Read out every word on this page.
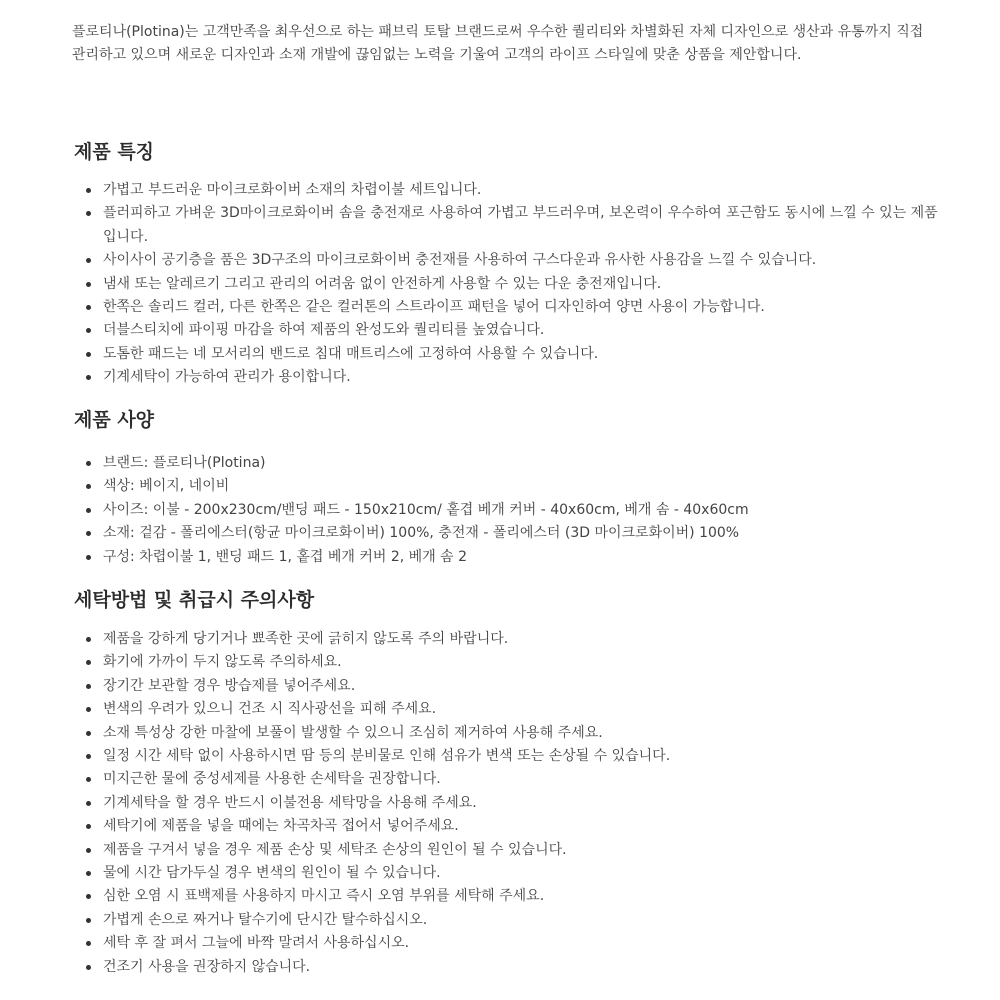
플로티나(Plotina)는 고객만족을 최우선으로 하는 패브릭 토탈 브랜드로써 우수한 퀄리티와 차별화된 자체 디자인으로 생산과 유통까지 직접 관리하고 있으며 새로운 디자인과 소재 개발에 끊임없는 노력을 기울여 고객의 라이프 스타일에 맞춘 상품을 제안합니다.

제품 특징
가볍고 부드러운 마이크로화이버 소재의 차렵이불 세트입니다.
플러피하고 가벼운 3D마이크로화이버 솜을 충전재로 사용하여 가볍고 부드러우며, 보온력이 우수하여 포근함도 동시에 느낄 수 있는 제품입니다.
사이사이 공기층을 품은 3D구조의 마이크로화이버 충전재를 사용하여 구스다운과 유사한 사용감을 느낄 수 있습니다.
냄새 또는 알레르기 그리고 관리의 어려움 없이 안전하게 사용할 수 있는 다운 충전재입니다.
한쪽은 솔리드 컬러, 다른 한쪽은 같은 컬러톤의 스트라이프 패턴을 넣어 디자인하여 양면 사용이 가능합니다.
더블스티치에 파이핑 마감을 하여 제품의 완성도와 퀄리티를 높였습니다.
도톰한 패드는 네 모서리의 밴드로 침대 매트리스에 고정하여 사용할 수 있습니다.
기계세탁이 가능하여 관리가 용이합니다.
제품 사양
브랜드: 플로티나(Plotina)
색상: 베이지, 네이비
사이즈: 이불 - 200x230cm/밴딩 패드 - 150x210cm/ 홑겹 베개 커버 - 40x60cm, 베개 솜 - 40x60cm
소재: 겉감 - 폴리에스터(항균 마이크로화이버) 100%, 충전재 - 폴리에스터 (3D 마이크로화이버) 100%
구성: 차렵이불 1, 밴딩 패드 1, 홑겹 베개 커버 2, 베개 솜 2
세탁방법 및 취급시 주의사항
제품을 강하게 당기거나 뾰족한 곳에 긁히지 않도록 주의 바랍니다.
화기에 가까이 두지 않도록 주의하세요.
장기간 보관할 경우 방습제를 넣어주세요.
변색의 우려가 있으니 건조 시 직사광선을 피해 주세요.
소재 특성상 강한 마찰에 보풀이 발생할 수 있으니 조심히 제거하여 사용해 주세요.
일정 시간 세탁 없이 사용하시면 땀 등의 분비물로 인해 섬유가 변색 또는 손상될 수 있습니다.
미지근한 물에 중성세제를 사용한 손세탁을 권장합니다.
기계세탁을 할 경우 반드시 이불전용 세탁망을 사용해 주세요.
세탁기에 제품을 넣을 때에는 차곡차곡 접어서 넣어주세요.
제품을 구겨서 넣을 경우 제품 손상 및 세탁조 손상의 원인이 될 수 있습니다.
물에 시간 담가두실 경우 변색의 원인이 될 수 있습니다.
심한 오염 시 표백제를 사용하지 마시고 즉시 오염 부위를 세탁해 주세요.
가볍게 손으로 짜거나 탈수기에 단시간 탈수하십시오.
세탁 후 잘 펴서 그늘에 바짝 말려서 사용하십시오.
건조기 사용을 권장하지 않습니다.
